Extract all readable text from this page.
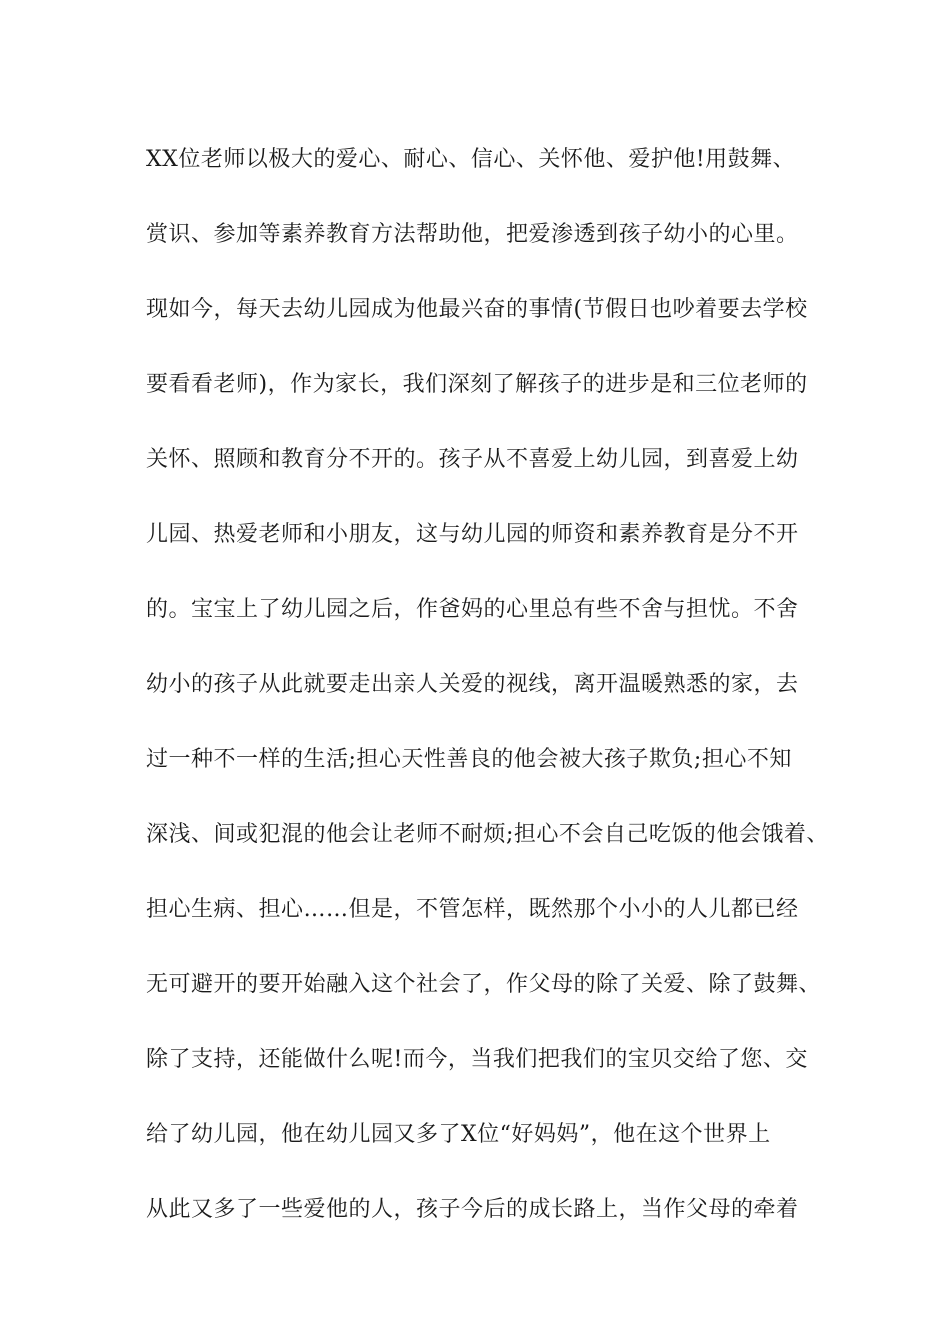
XX位老师以极大的爱心、耐心、信心、关怀他、爱护他!用鼓舞、
赏识、参加等素养教育方法帮助他，把爱渗透到孩子幼小的心里。
现如今，每天去幼儿园成为他最兴奋的事情(节假日也吵着要去学校
要看看老师)，作为家长，我们深刻了解孩子的进步是和三位老师的
关怀、照顾和教育分不开的。孩子从不喜爱上幼儿园，到喜爱上幼
儿园、热爱老师和小朋友，这与幼儿园的师资和素养教育是分不开
的。宝宝上了幼儿园之后，作爸妈的心里总有些不舍与担忧。不舍
幼小的孩子从此就要走出亲人关爱的视线，离开温暖熟悉的家，去
过一种不一样的生活;担心天性善良的他会被大孩子欺负;担心不知
深浅、间或犯混的他会让老师不耐烦;担心不会自己吃饭的他会饿着、
担心生病、担心……但是，不管怎样，既然那个小小的人儿都已经
无可避开的要开始融入这个社会了，作父母的除了关爱、除了鼓舞、
除了支持，还能做什么呢!而今，当我们把我们的宝贝交给了您、交
给了幼儿园，他在幼儿园又多了X位“好妈妈”，他在这个世界上
从此又多了一些爱他的人，孩子今后的成长路上，当作父母的牵着
